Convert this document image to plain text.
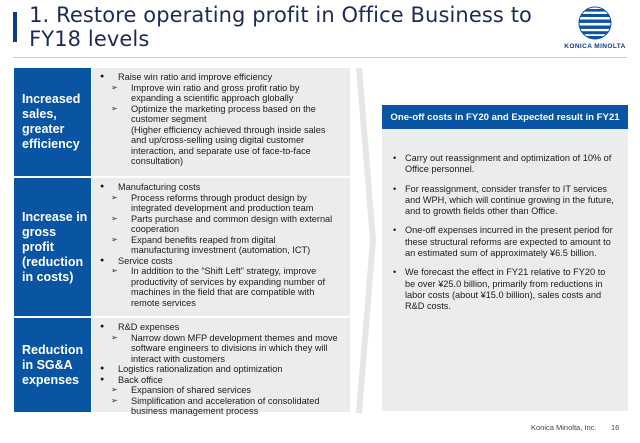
1. Restore operating profit in Office Business to FY18 levels	KONICA MINOLTA
Increased
sales,
greater
efficiency
● Raise win ratio and improve efficiency
➢ Improve win ratio and gross profit ratio by
expanding a scientific approach globally
➢ Optimize the marketing process based on the
customer segment
(Higher efficiency achieved through inside sales
and up/cross-selling using digital customer
interaction, and separate use of face-to-face
consultation)
Increase in
gross profit
(reduction
in costs)
● Manufacturing costs
➢ Process reforms through product design by
integrated development and production team
➢ Parts purchase and common design with external
cooperation
➢ Expand benefits reaped from digital
manufacturing investment (automation, ICT)
● Service costs
➢ In addition to the “Shift Left” strategy, improve
productivity of services by expanding number of
machines in the field that are compatible with
remote services
Reduction
in SG&A
expenses
● R&D expenses
➢ Narrow down MFP development themes and move
software engineers to divisions in which they will
interact with customers
● Logistics rationalization and optimization
● Back office
➢ Expansion of shared services
➢ Simplification and acceleration of consolidated
business management process
One-off costs in FY20 and Expected result in FY21
• Carry out reassignment and optimization of 10% of Office personnel.
• For reassignment, consider transfer to IT services and WPH, which will continue growing in the future, and to growth fields other than Office.
• One-off expenses incurred in the present period for these structural reforms are expected to amount to an estimated sum of approximately ¥6.5 billion.
• We forecast the effect in FY21 relative to FY20 to be over ¥25.0 billion, primarily from reductions in labor costs (about ¥15.0 billion), sales costs and R&D costs.
Konica Minolta, Inc. 16
